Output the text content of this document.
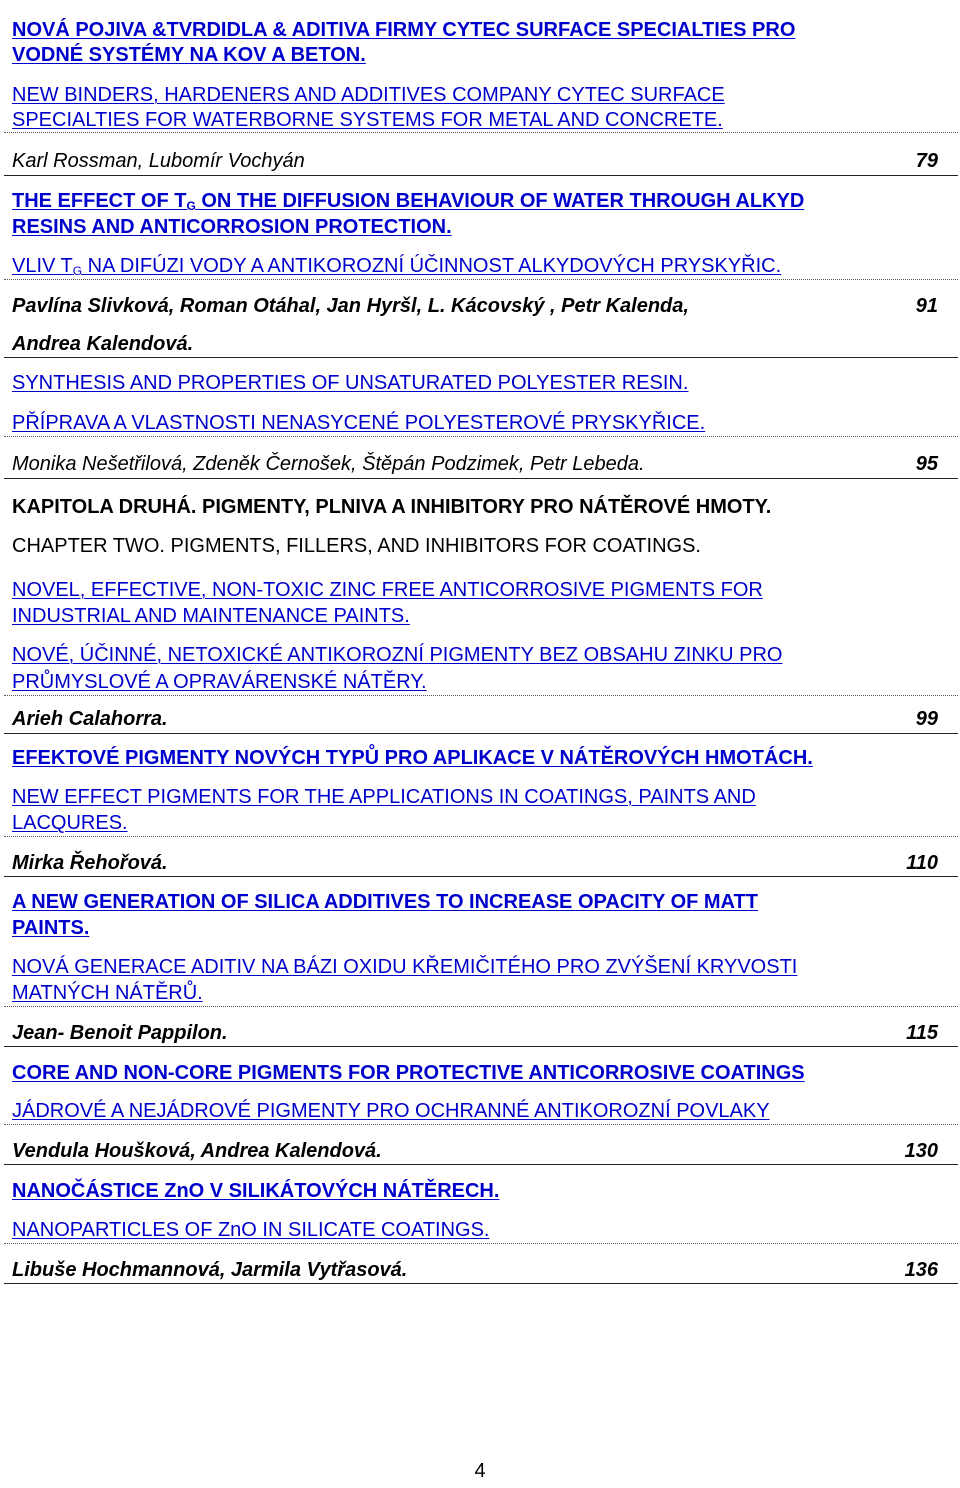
NOVÁ POJIVA &TVRDIDLA & ADITIVA FIRMY CYTEC SURFACE SPECIALTIES PRO
VODNÉ SYSTÉMY NA KOV A BETON.
NEW BINDERS, HARDENERS AND ADDITIVES COMPANY CYTEC SURFACE
SPECIALTIES FOR WATERBORNE SYSTEMS FOR METAL AND CONCRETE.
Karl Rossman, Lubomír Vochyán	79
THE EFFECT OF $T_G$ ON THE DIFFUSION BEHAVIOUR OF WATER THROUGH ALKYD
RESINS AND ANTICORROSION PROTECTION.
VLIV $T_G$ NA DIFÚZI VODY A ANTIKOROZNÍ ÚČINNOST ALKYDOVÝCH PRYSKYŘIC.
Pavlína Slivková, Roman Otáhal, Jan Hyršl, L. Kácovský , Petr Kalenda,	91
Andrea Kalendová.
SYNTHESIS AND PROPERTIES OF UNSATURATED POLYESTER RESIN.
PŘÍPRAVA A VLASTNOSTI NENASYCENÉ POLYESTEROVÉ PRYSKYŘICE.
Monika Nešetřilová, Zdeněk Černošek, Štěpán Podzimek, Petr Lebeda.	95
KAPITOLA DRUHÁ. PIGMENTY, PLNIVA A INHIBITORY PRO NÁTĚROVÉ HMOTY.
CHAPTER TWO. PIGMENTS, FILLERS, AND INHIBITORS FOR COATINGS.
NOVEL, EFFECTIVE, NON-TOXIC ZINC FREE ANTICORROSIVE PIGMENTS FOR
INDUSTRIAL AND MAINTENANCE PAINTS.
NOVÉ, ÚČINNÉ, NETOXICKÉ ANTIKOROZNÍ PIGMENTY BEZ OBSAHU ZINKU PRO
PRŮMYSLOVÉ A OPRAVÁRENSKÉ NÁTĚRY.
Arieh Calahorra.	99
EFEKTOVÉ PIGMENTY NOVÝCH TYPŮ PRO APLIKACE V NÁTĚROVÝCH HMOTÁCH.
NEW EFFECT PIGMENTS FOR THE APPLICATIONS IN COATINGS, PAINTS AND
LACQURES.
Mirka Řehořová.	110
A NEW GENERATION OF SILICA ADDITIVES TO INCREASE OPACITY OF MATT
PAINTS.
NOVÁ GENERACE ADITIV NA BÁZI OXIDU KŘEMIČITÉHO PRO ZVÝŠENÍ KRYVOSTI
MATNÝCH NÁTĚRŮ.
Jean- Benoit Pappilon.	115
CORE AND NON-CORE PIGMENTS FOR PROTECTIVE ANTICORROSIVE COATINGS
JÁDROVÉ A NEJÁDROVÉ PIGMENTY PRO OCHRANNÉ ANTIKOROZNÍ POVLAKY
Vendula Houšková, Andrea Kalendová.	130
NANOČÁSTICE ZnO V SILIKÁTOVÝCH NÁTĚRECH.
NANOPARTICLES OF ZnO IN SILICATE COATINGS.
Libuše Hochmannová, Jarmila Vytřasová.	136
4
